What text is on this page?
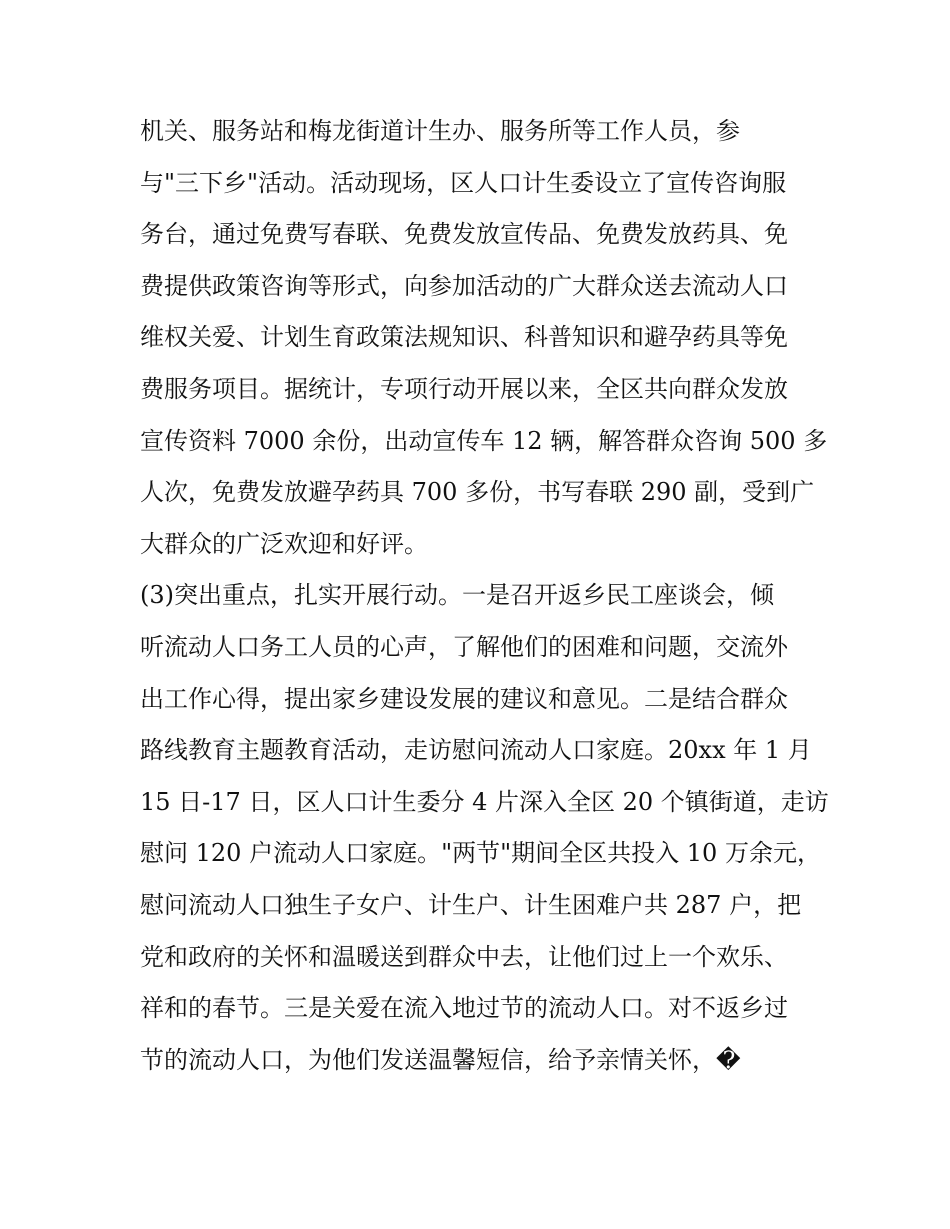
机关、服务站和梅龙街道计生办、服务所等工作人员，参
与"三下乡"活动。活动现场，区人口计生委设立了宣传咨询服
务台，通过免费写春联、免费发放宣传品、免费发放药具、免
费提供政策咨询等形式，向参加活动的广大群众送去流动人口
维权关爱、计划生育政策法规知识、科普知识和避孕药具等免
费服务项目。据统计，专项行动开展以来，全区共向群众发放
宣传资料 7000 余份，出动宣传车 12 辆，解答群众咨询 500 多
人次，免费发放避孕药具 700 多份，书写春联 290 副，受到广
大群众的广泛欢迎和好评。
(3)突出重点，扎实开展行动。一是召开返乡民工座谈会，倾
听流动人口务工人员的心声，了解他们的困难和问题，交流外
出工作心得，提出家乡建设发展的建议和意见。二是结合群众
路线教育主题教育活动，走访慰问流动人口家庭。20xx 年 1 月
15 日-17 日，区人口计生委分 4 片深入全区 20 个镇街道，走访
慰问 120 户流动人口家庭。"两节"期间全区共投入 10 万余元，
慰问流动人口独生子女户、计生户、计生困难户共 287 户，把
党和政府的关怀和温暖送到群众中去，让他们过上一个欢乐、
祥和的春节。三是关爱在流入地过节的流动人口。对不返乡过
节的流动人口，为他们发送温馨短信，给予亲情关怀，�
